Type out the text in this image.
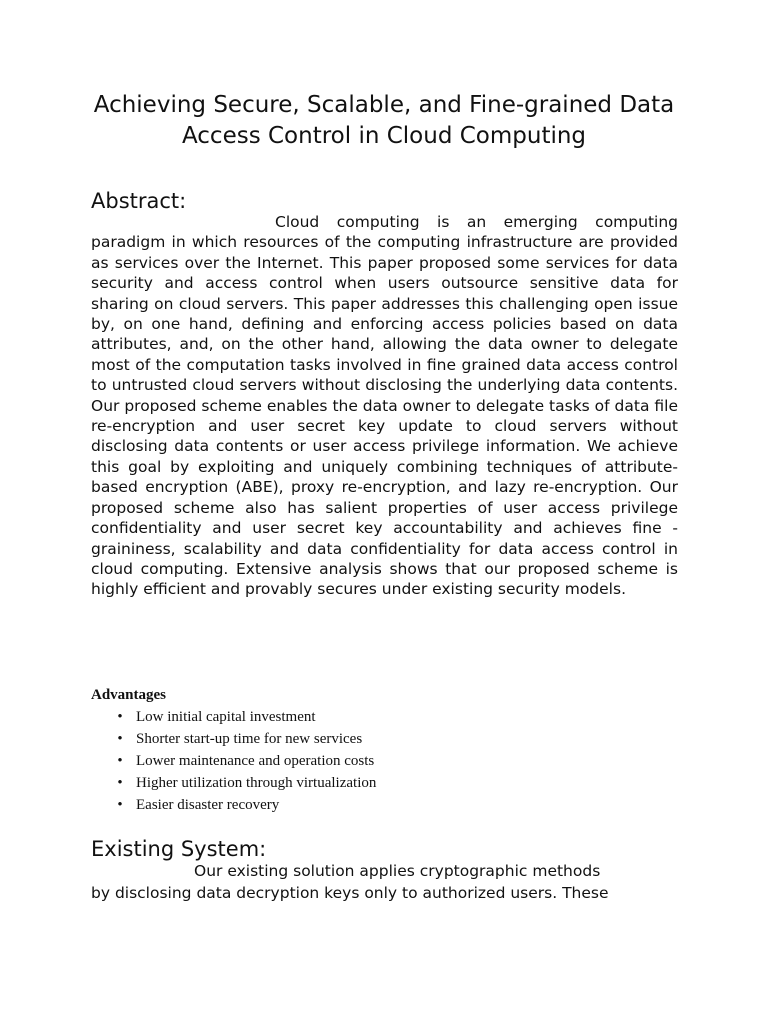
Achieving Secure, Scalable, and Fine-grained Data Access Control in Cloud Computing
Abstract:

Cloud computing is an emerging computing paradigm in which resources of the computing infrastructure are provided as services over the Internet. This paper proposed some services for data security and access control when users outsource sensitive data for sharing on cloud servers. This paper addresses this challenging open issue by, on one hand, defining and enforcing access policies based on data attributes, and, on the other hand, allowing the data owner to delegate most of the computation tasks involved in fine grained data access control to untrusted cloud servers without disclosing the underlying data contents. Our proposed scheme enables the data owner to delegate tasks of data file re-encryption and user secret key update to cloud servers without disclosing data contents or user access privilege information. We achieve this goal by exploiting and uniquely combining techniques of attribute-based encryption (ABE), proxy re-encryption, and lazy re-encryption. Our proposed scheme also has salient properties of user access privilege confidentiality and user secret key accountability and achieves fine - graininess, scalability and data confidentiality for data access control in cloud computing. Extensive analysis shows that our proposed scheme is highly efficient and provably secures under existing security models.

Advantages
• Low initial capital investment
• Shorter start-up time for new services
• Lower maintenance and operation costs
• Higher utilization through virtualization
• Easier disaster recovery
Existing System:

Our existing solution applies cryptographic methods
by disclosing data decryption keys only to authorized users. These
